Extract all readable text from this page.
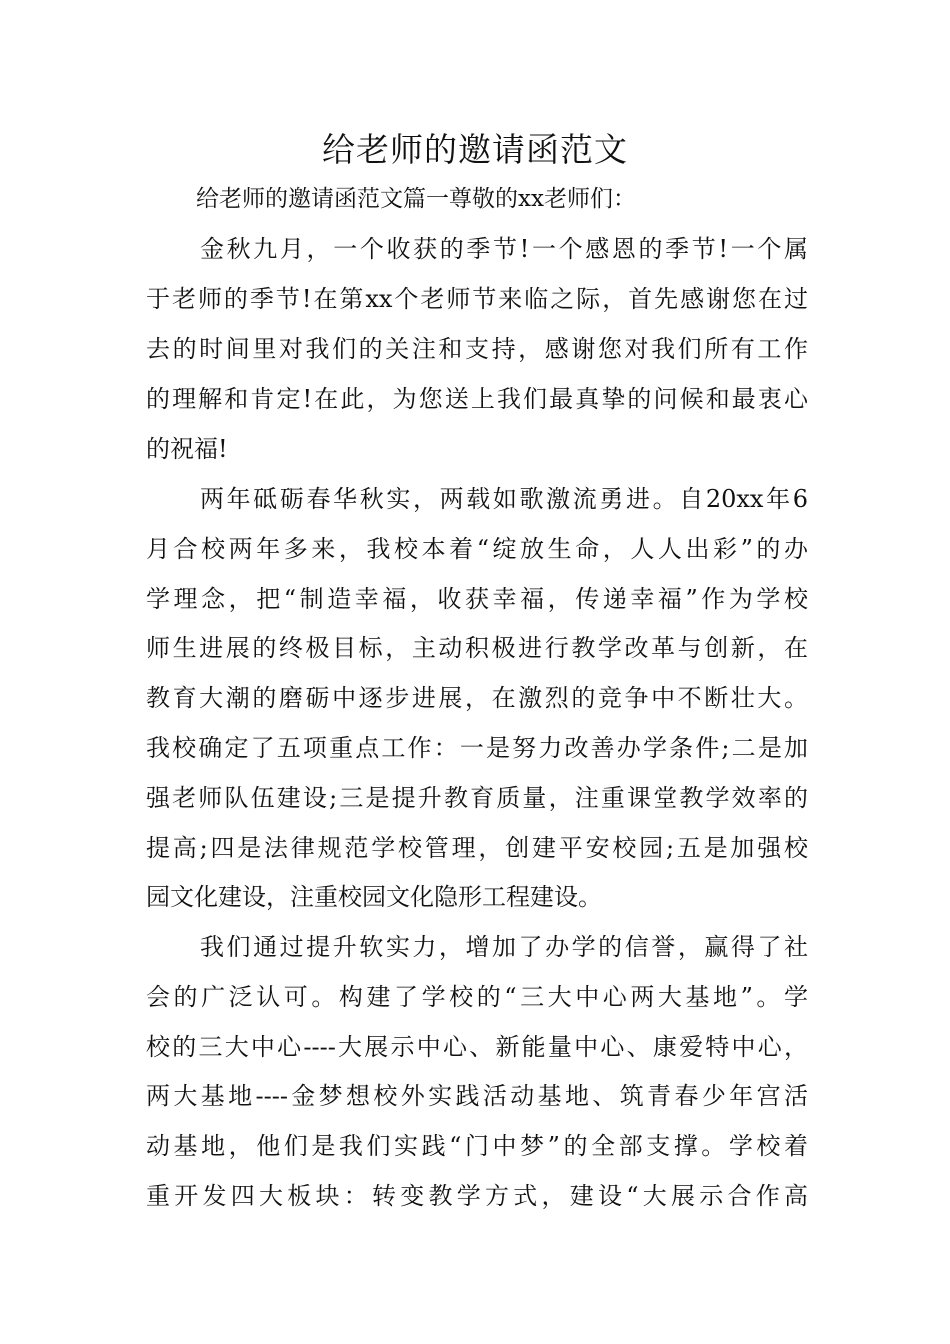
给老师的邀请函范文
给老师的邀请函范文篇一尊敬的xx老师们：
金秋九月，一个收获的季节!一个感恩的季节!一个属
于老师的季节!在第xx个老师节来临之际，首先感谢您在过
去的时间里对我们的关注和支持，感谢您对我们所有工作
的理解和肯定!在此，为您送上我们最真挚的问候和最衷心
的祝福!
两年砥砺春华秋实，两载如歌激流勇进。自20xx年6
月合校两年多来，我校本着“绽放生命，人人出彩”的办
学理念，把“制造幸福，收获幸福，传递幸福”作为学校
师生进展的终极目标，主动积极进行教学改革与创新，在
教育大潮的磨砺中逐步进展，在激烈的竞争中不断壮大。
我校确定了五项重点工作：一是努力改善办学条件;二是加
强老师队伍建设;三是提升教育质量，注重课堂教学效率的
提高;四是法律规范学校管理，创建平安校园;五是加强校
园文化建设，注重校园文化隐形工程建设。
我们通过提升软实力，增加了办学的信誉，赢得了社
会的广泛认可。构建了学校的“三大中心两大基地”。学
校的三大中心----大展示中心、新能量中心、康爱特中心，
两大基地----金梦想校外实践活动基地、筑青春少年宫活
动基地，他们是我们实践“门中梦”的全部支撑。学校着
重开发四大板块：转变教学方式，建设“大展示合作高
